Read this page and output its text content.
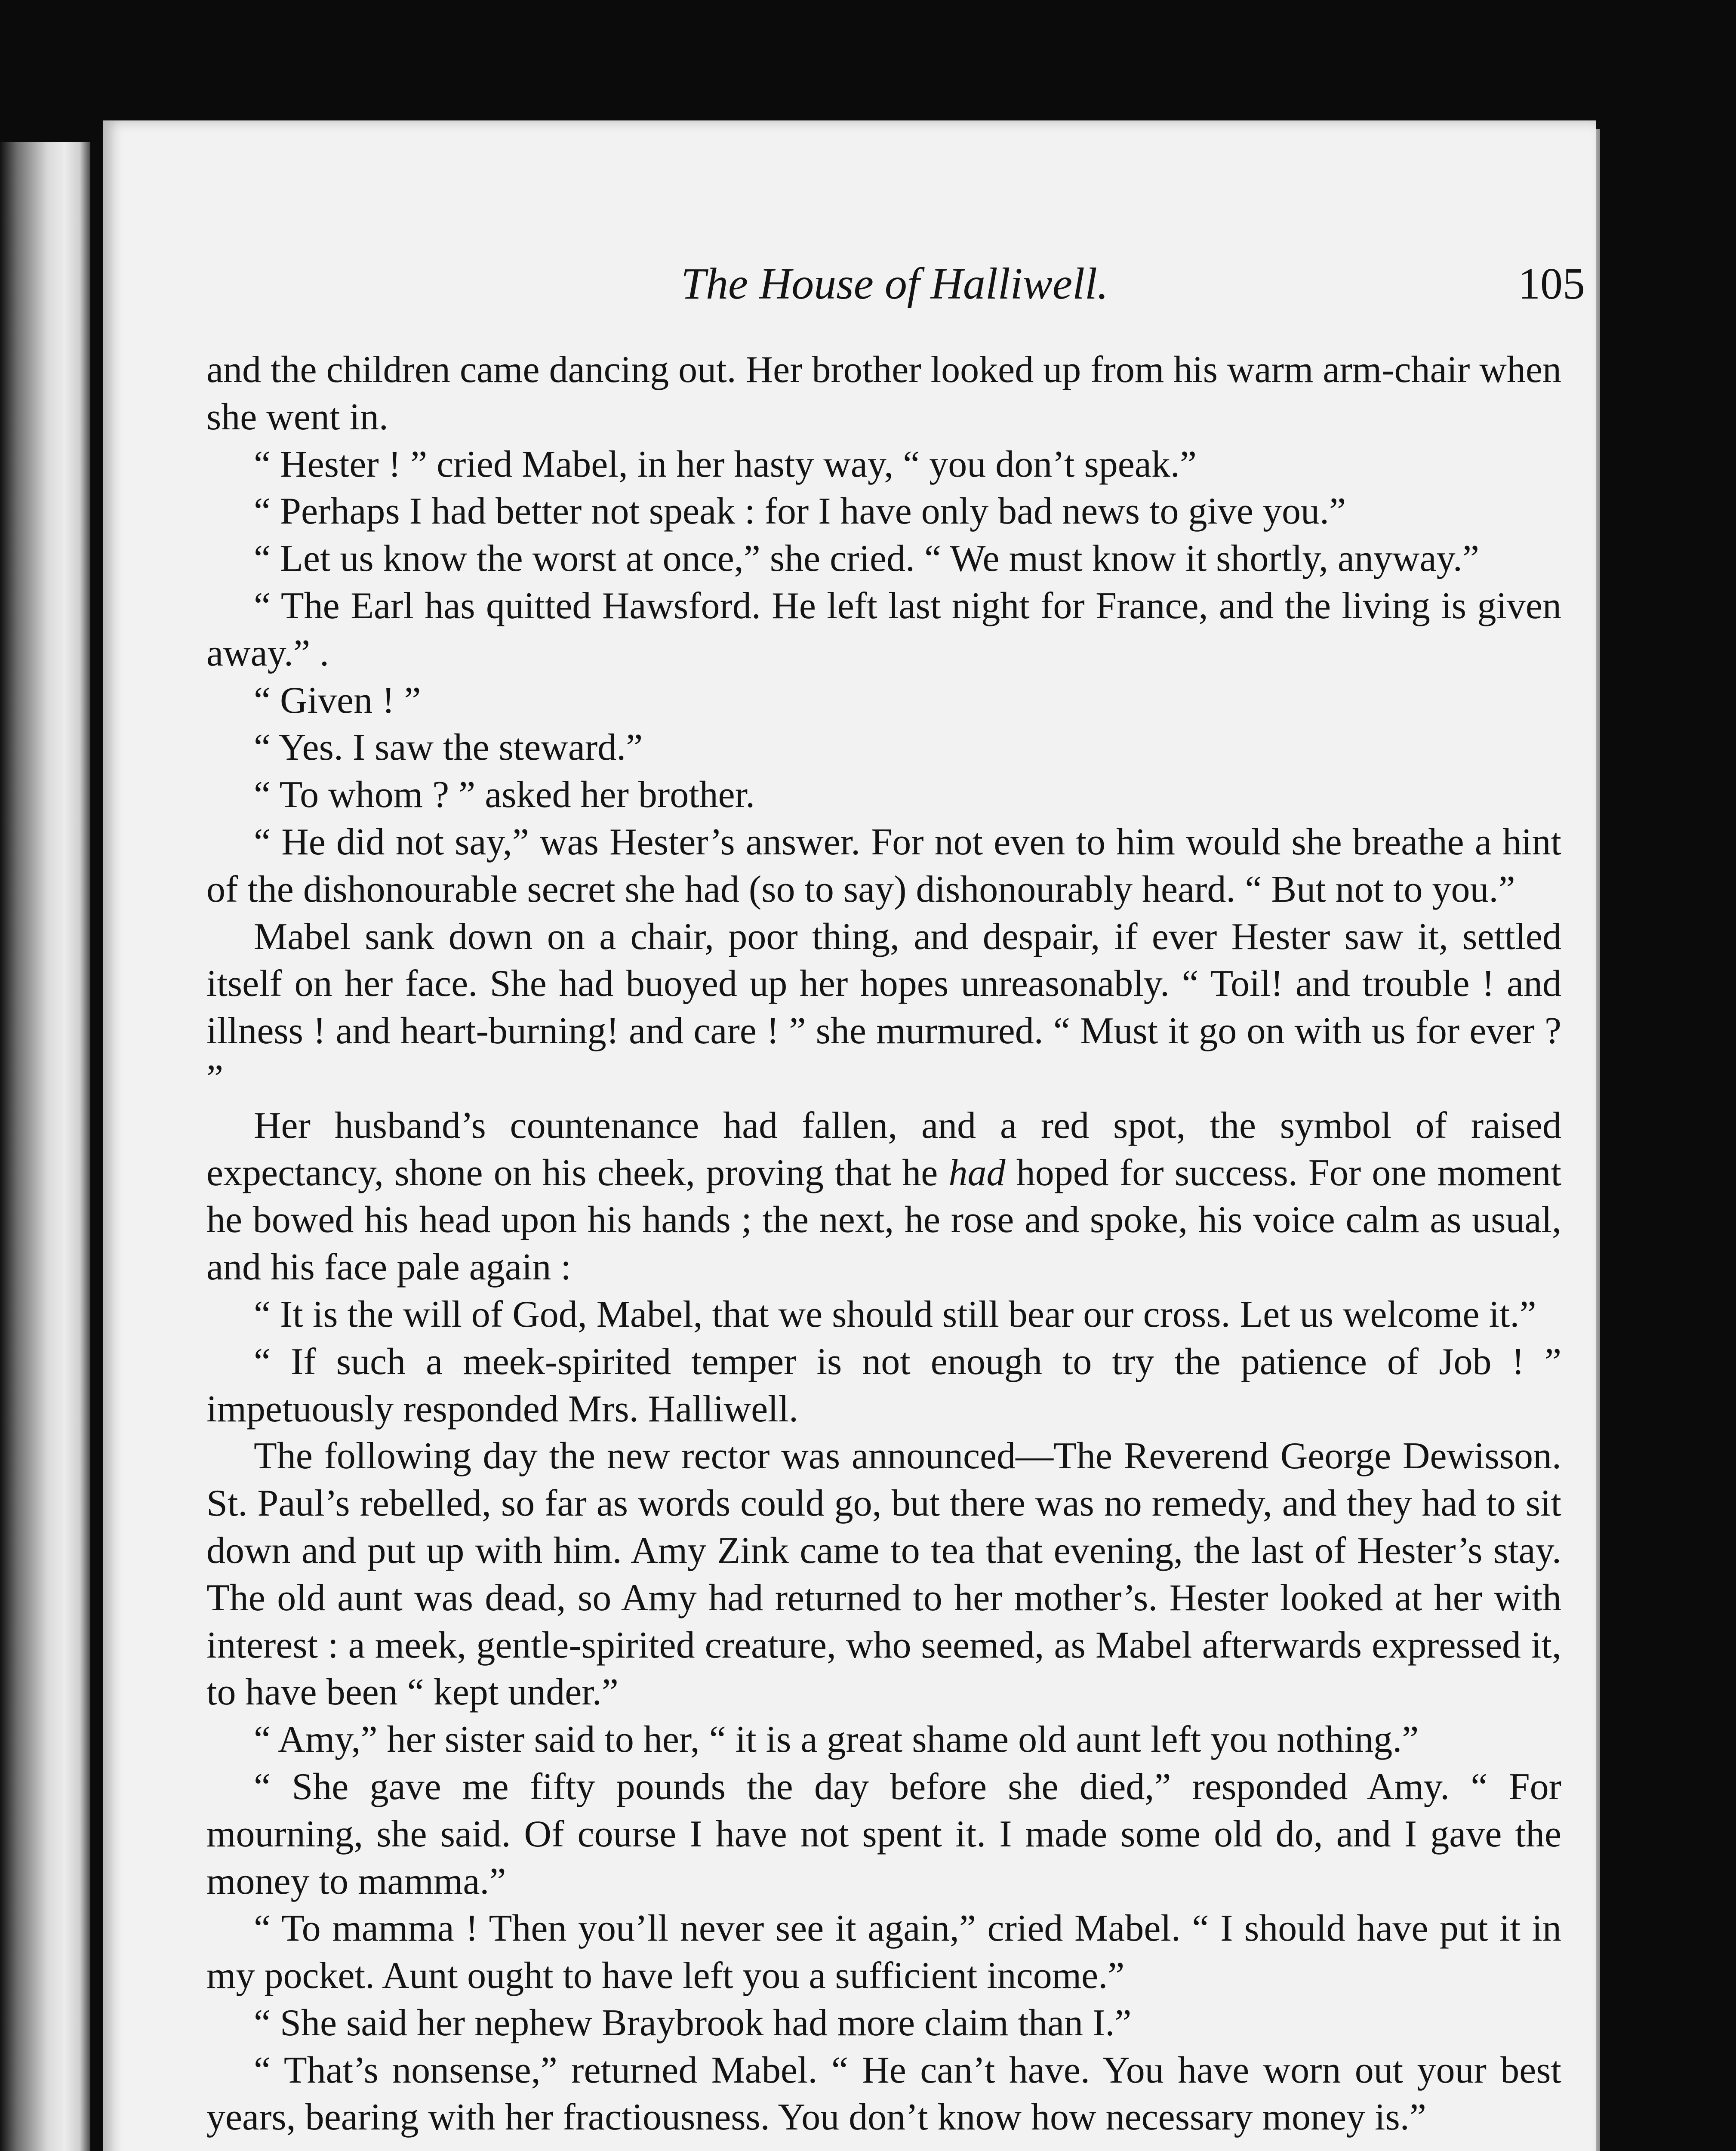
The House of Halliwell.	105

and the children came dancing out. Her brother looked up from his warm arm-chair when she went in.

“ Hester ! ” cried Mabel, in her hasty way, “ you don’t speak.”

“ Perhaps I had better not speak : for I have only bad news to give you.”

“ Let us know the worst at once,” she cried. “ We must know it shortly, anyway.”

“ The Earl has quitted Hawsford. He left last night for France, and the living is given away.” .

“ Given ! ”

“ Yes. I saw the steward.”

“ To whom ? ” asked her brother.

“ He did not say,” was Hester’s answer. For not even to him would she breathe a hint of the dishonourable secret she had (so to say) dishonourably heard. “ But not to you.”

Mabel sank down on a chair, poor thing, and despair, if ever Hester saw it, settled itself on her face. She had buoyed up her hopes unreasonably. “ Toil! and trouble ! and illness ! and heart-burning! and care ! ” she murmured. “ Must it go on with us for ever ? ”

Her husband’s countenance had fallen, and a red spot, the symbol of raised expectancy, shone on his cheek, proving that he had hoped for success. For one moment he bowed his head upon his hands ; the next, he rose and spoke, his voice calm as usual, and his face pale again :

“ It is the will of God, Mabel, that we should still bear our cross. Let us welcome it.”

“ If such a meek-spirited temper is not enough to try the patience of Job ! ” impetuously responded Mrs. Halliwell.

The following day the new rector was announced—The Reverend George Dewisson. St. Paul’s rebelled, so far as words could go, but there was no remedy, and they had to sit down and put up with him. Amy Zink came to tea that evening, the last of Hester’s stay. The old aunt was dead, so Amy had returned to her mother’s. Hester looked at her with interest : a meek, gentle-spirited creature, who seemed, as Mabel afterwards expressed it, to have been “ kept under.”

“ Amy,” her sister said to her, “ it is a great shame old aunt left you nothing.”

“ She gave me fifty pounds the day before she died,” responded Amy. “ For mourning, she said. Of course I have not spent it. I made some old do, and I gave the money to mamma.”

“ To mamma ! Then you’ll never see it again,” cried Mabel. “ I should have put it in my pocket. Aunt ought to have left you a sufficient income.”

“ She said her nephew Braybrook had more claim than I.”

“ That’s nonsense,” returned Mabel. “ He can’t have. You have worn out your best years, bearing with her fractiousness. You don’t know how necessary money is.”
